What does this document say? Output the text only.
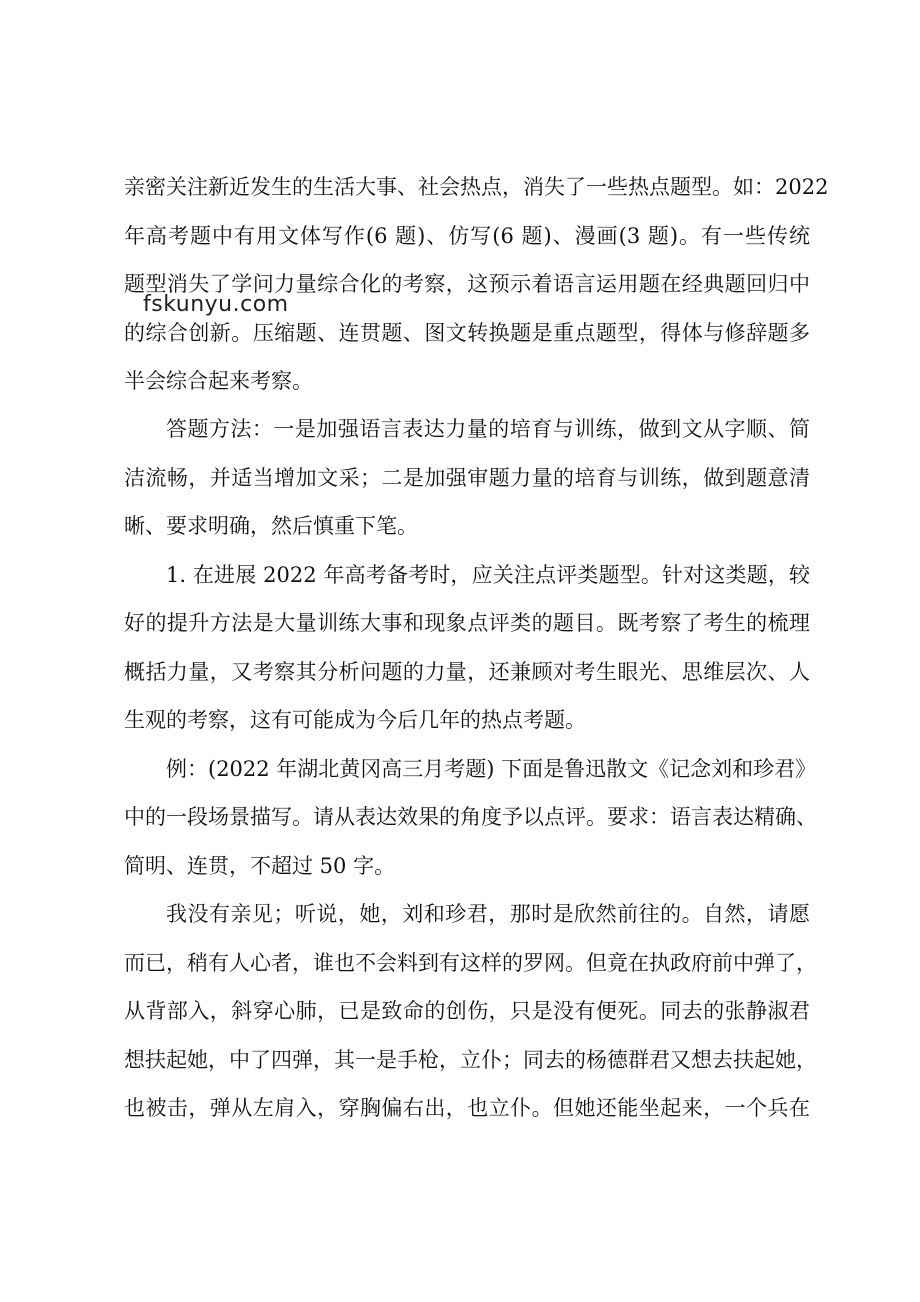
亲密关注新近发生的生活大事、社会热点，消失了一些热点题型。如：2022
年高考题中有用文体写作(6 题)、仿写(6 题)、漫画(3 题)。有一些传统
题型消失了学问力量综合化的考察，这预示着语言运用题在经典题回归中
的综合创新。压缩题、连贯题、图文转换题是重点题型，得体与修辞题多
半会综合起来考察。
fskunyu.com
答题方法：一是加强语言表达力量的培育与训练，做到文从字顺、简
洁流畅，并适当增加文采；二是加强审题力量的培育与训练，做到题意清
晰、要求明确，然后慎重下笔。
1. 在进展 2022 年高考备考时，应关注点评类题型。针对这类题，较
好的提升方法是大量训练大事和现象点评类的题目。既考察了考生的梳理
概括力量，又考察其分析问题的力量，还兼顾对考生眼光、思维层次、人
生观的考察，这有可能成为今后几年的热点考题。
例：(2022 年湖北黄冈高三月考题) 下面是鲁迅散文《记念刘和珍君》
中的一段场景描写。请从表达效果的角度予以点评。要求：语言表达精确、
简明、连贯，不超过 50 字。
我没有亲见；听说，她，刘和珍君，那时是欣然前往的。自然，请愿
而已，稍有人心者，谁也不会料到有这样的罗网。但竟在执政府前中弹了，
从背部入，斜穿心肺，已是致命的创伤，只是没有便死。同去的张静淑君
想扶起她，中了四弹，其一是手枪，立仆；同去的杨德群君又想去扶起她，
也被击，弹从左肩入，穿胸偏右出，也立仆。但她还能坐起来，一个兵在
